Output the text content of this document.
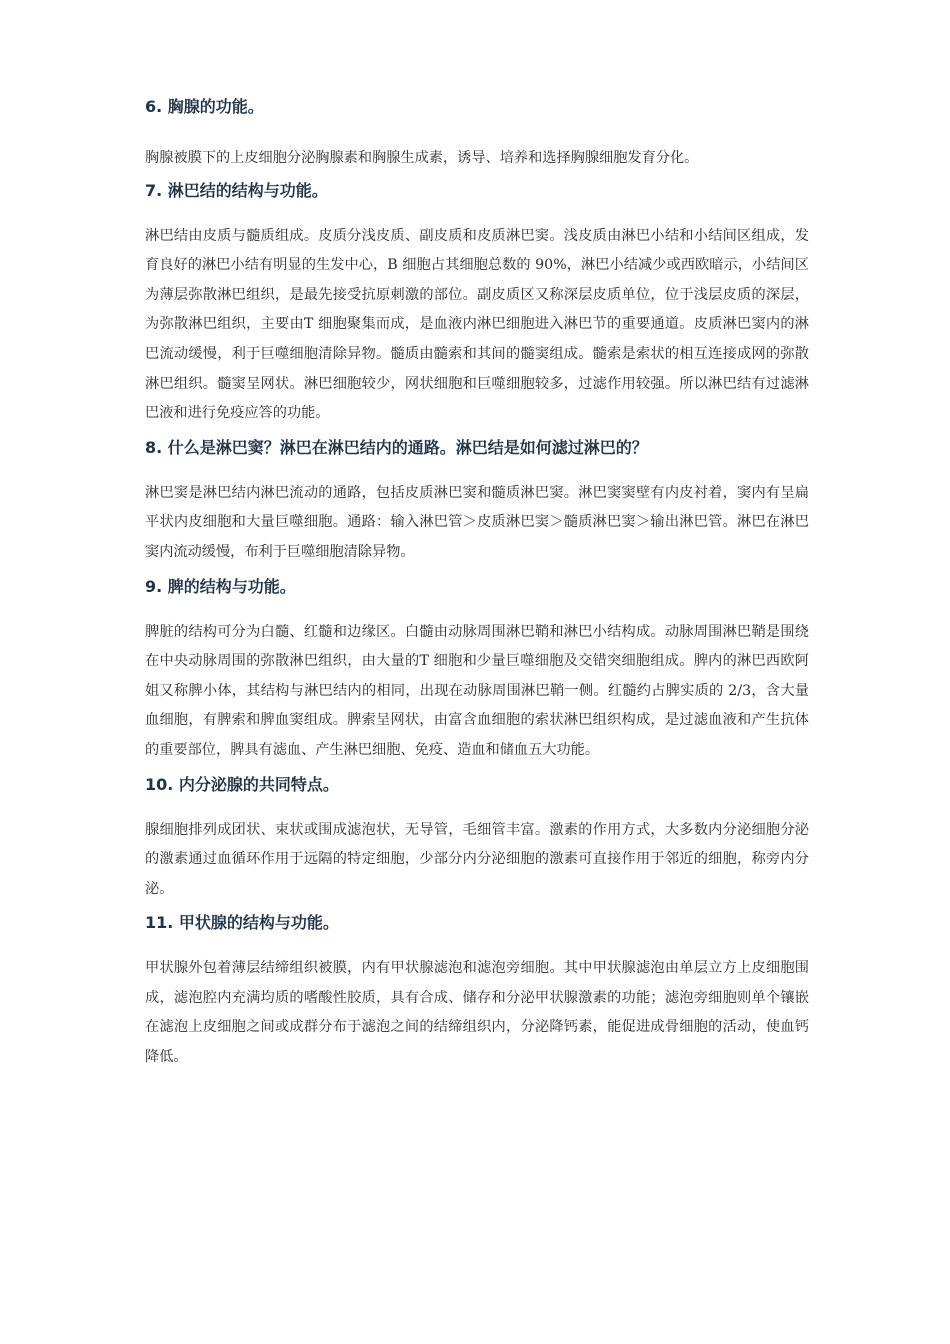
6. 胸腺的功能。

胸腺被膜下的上皮细胞分泌胸腺素和胸腺生成素，诱导、培养和选择胸腺细胞发育分化。

7. 淋巴结的结构与功能。

淋巴结由皮质与髓质组成。皮质分浅皮质、副皮质和皮质淋巴窦。浅皮质由淋巴小结和小结间区组成，发育良好的淋巴小结有明显的生发中心，B 细胞占其细胞总数的 90%，淋巴小结减少或西欧暗示，小结间区为薄层弥散淋巴组织，是最先接受抗原刺激的部位。副皮质区又称深层皮质单位，位于浅层皮质的深层，为弥散淋巴组织，主要由T 细胞聚集而成，是血液内淋巴细胞进入淋巴节的重要通道。皮质淋巴窦内的淋巴流动缓慢，利于巨噬细胞清除异物。髓质由髓索和其间的髓窦组成。髓索是索状的相互连接成网的弥散淋巴组织。髓窦呈网状。淋巴细胞较少，网状细胞和巨噬细胞较多，过滤作用较强。所以淋巴结有过滤淋巴液和进行免疫应答的功能。

8. 什么是淋巴窦？淋巴在淋巴结内的通路。淋巴结是如何滤过淋巴的？

淋巴窦是淋巴结内淋巴流动的通路，包括皮质淋巴窦和髓质淋巴窦。淋巴窦窦壁有内皮衬着，窦内有呈扁平状内皮细胞和大量巨噬细胞。通路：输入淋巴管＞皮质淋巴窦＞髓质淋巴窦＞输出淋巴管。淋巴在淋巴窦内流动缓慢，布利于巨噬细胞清除异物。

9. 脾的结构与功能。

脾脏的结构可分为白髓、红髓和边缘区。白髓由动脉周围淋巴鞘和淋巴小结构成。动脉周围淋巴鞘是围绕在中央动脉周围的弥散淋巴组织，由大量的T 细胞和少量巨噬细胞及交错突细胞组成。脾内的淋巴西欧阿姐又称脾小体，其结构与淋巴结内的相同，出现在动脉周围淋巴鞘一侧。红髓约占脾实质的 2/3，含大量血细胞，有脾索和脾血窦组成。脾索呈网状，由富含血细胞的索状淋巴组织构成，是过滤血液和产生抗体的重要部位，脾具有滤血、产生淋巴细胞、免疫、造血和储血五大功能。

10. 内分泌腺的共同特点。

腺细胞排列成团状、束状或围成滤泡状，无导管，毛细管丰富。激素的作用方式，大多数内分泌细胞分泌的激素通过血循环作用于远隔的特定细胞，少部分内分泌细胞的激素可直接作用于邻近的细胞，称旁内分泌。

11. 甲状腺的结构与功能。

甲状腺外包着薄层结缔组织被膜，内有甲状腺滤泡和滤泡旁细胞。其中甲状腺滤泡由单层立方上皮细胞围成，滤泡腔内充满均质的嗜酸性胶质，具有合成、储存和分泌甲状腺激素的功能；滤泡旁细胞则单个镶嵌在滤泡上皮细胞之间或成群分布于滤泡之间的结缔组织内，分泌降钙素，能促进成骨细胞的活动，使血钙降低。
